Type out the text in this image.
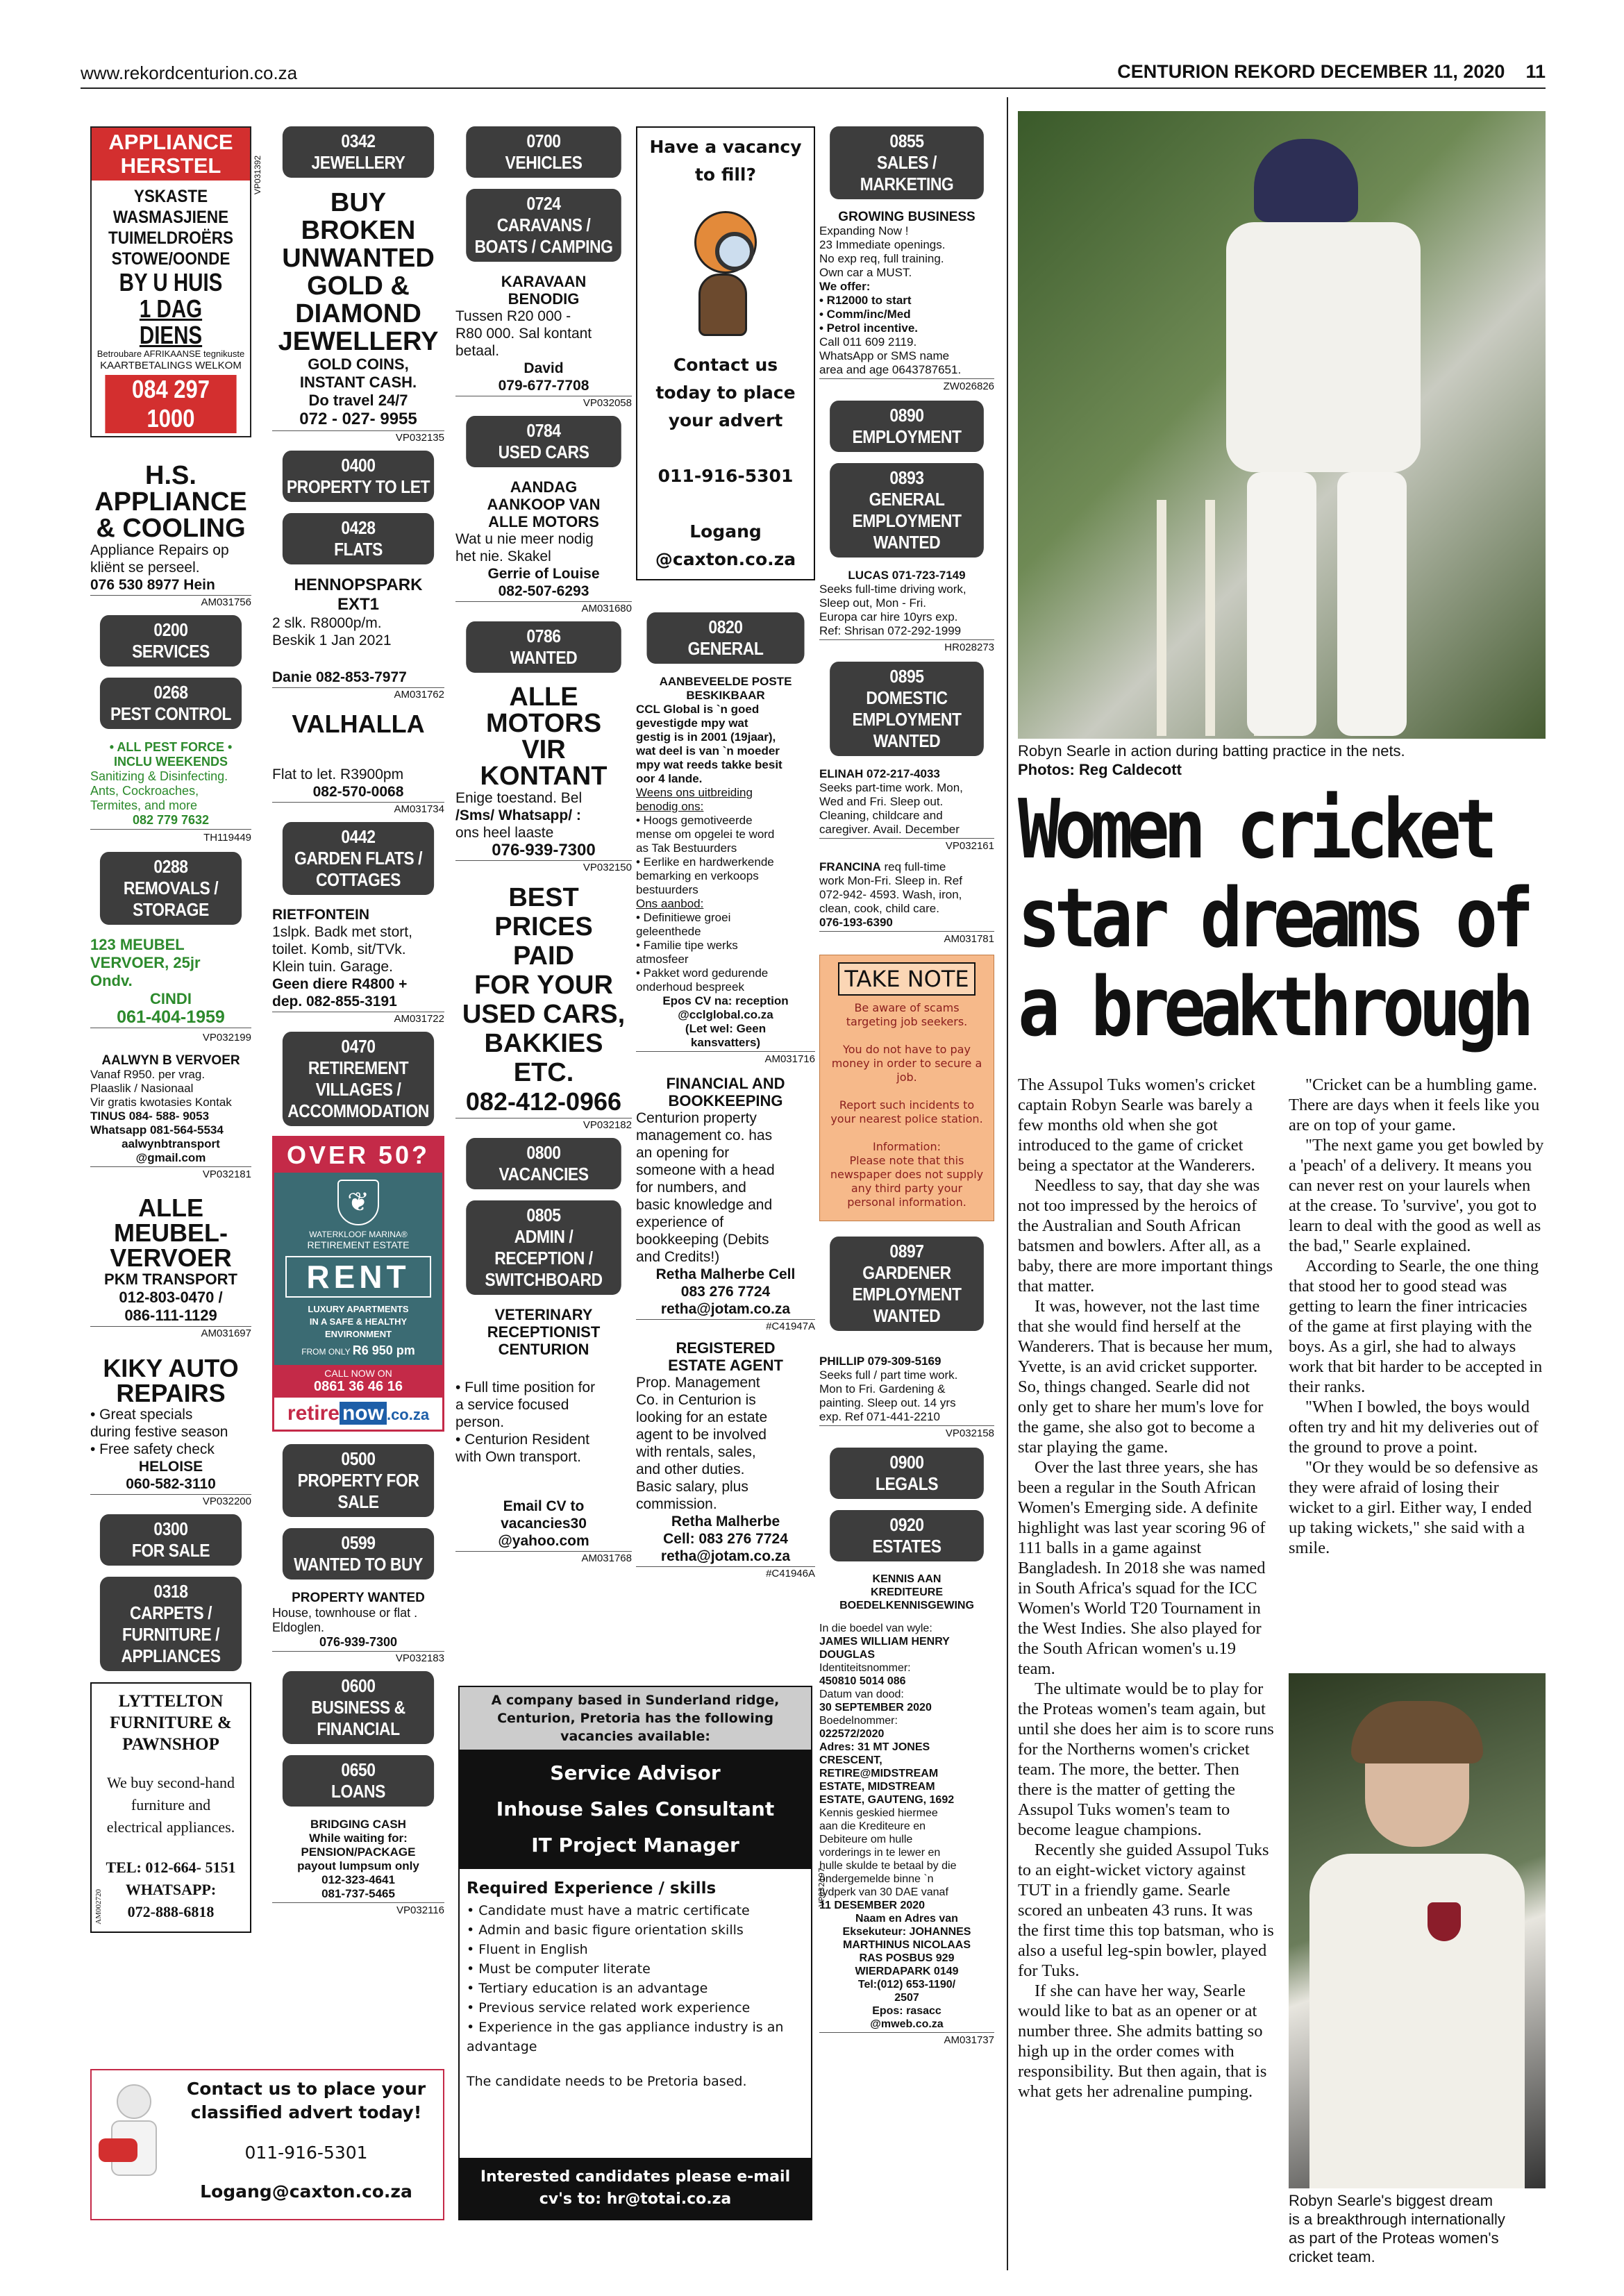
www.rekordcenturion.co.za	CENTURION REKORD DECEMBER 11, 2020 11
APPLIANCE
HERSTEL
YSKASTE
WASMASJIENE
TUIMELDROËRS
STOWE/OONDE
BY U HUIS
1 DAG DIENS
Betroubare AFRIKAANSE tegnikuste
KAARTBETALINGS WELKOM
084 297 1000
VP031392
H.S.
APPLIANCE
& COOLING
Appliance Repairs op kliënt se perseel.
076 530 8977 Hein
AM031756
0200
SERVICES
0268
PEST CONTROL
• ALL PEST FORCE •
INCLU WEEKENDS
Sanitizing & Disinfecting.
Ants, Cockroaches,
Termites, and more
082 779 7632
TH119449
0288
REMOVALS / STORAGE
123 MEUBEL
VERVOER, 25jr
Ondv.
CINDI
061-404-1959
VP032199
AALWYN B VERVOER
Vanaf R950. per vrag.
Plaaslik / Nasionaal
Vir gratis kwotasies Kontak
TINUS 084- 588- 9053
Whatsapp 081-564-5534
aalwynbtransport
@gmail.com
VP032181
ALLE
MEUBEL-
VERVOER
PKM TRANSPORT
012-803-0470 /
086-111-1129
AM031697
KIKY AUTO
REPAIRS
• Great specials
during festive season
• Free safety check
HELOISE
060-582-3110
VP032200
0300
FOR SALE
0318
CARPETS / FURNITURE / APPLIANCES
LYTTELTON
FURNITURE &
PAWNSHOP
We buy second-hand
furniture and
electrical appliances.
TEL: 012-664- 5151
WHATSAPP:
072-888-6818
AM002720
0342
JEWELLERY
BUY
BROKEN
UNWANTED
GOLD &
DIAMOND
JEWELLERY
GOLD COINS,
INSTANT CASH.
Do travel 24/7
072 - 027- 9955
VP032135
0400
PROPERTY TO LET
0428
FLATS
HENNOPSPARK
EXT1
2 slk. R8000p/m.
Beskik 1 Jan 2021
Danie 082-853-7977
AM031762
VALHALLA
Flat to let. R3900pm
082-570-0068
AM031734
0442
GARDEN FLATS / COTTAGES
RIETFONTEIN
1slpk. Badk met stort,
toilet. Komb, sit/TVk.
Klein tuin. Garage.
Geen diere R4800 +
dep. 082-855-3191
AM031722
0470
RETIREMENT VILLAGES / ACCOMMODATION
OVER 50?
❦
WATERKLOOF MARINA®
RETIREMENT ESTATE
RENT
LUXURY APARTMENTS
IN A SAFE & HEALTHY
ENVIRONMENT
FROM ONLY R6 950 pm
CALL NOW ON
0861 36 46 16
retire now .co.za
0500
PROPERTY FOR SALE
0599
WANTED TO BUY
PROPERTY WANTED
House, townhouse or flat .
Eldoglen.
076-939-7300
VP032183
0600
BUSINESS & FINANCIAL
0650
LOANS
BRIDGING CASH
While waiting for:
PENSION/PACKAGE
payout lumpsum only
012-323-4641
081-737-5465
VP032116
0700
VEHICLES
0724
CARAVANS / BOATS / CAMPING
KARAVAAN
BENODIG
Tussen R20 000 -
R80 000. Sal kontant
betaal.
David
079-677-7708
VP032058
0784
USED CARS
AANDAG
AANKOOP VAN
ALLE MOTORS
Wat u nie meer nodig
het nie. Skakel
Gerrie of Louise
082-507-6293
AM031680
0786
WANTED
ALLE
MOTORS
VIR
KONTANT
Enige toestand. Bel
/Sms/ Whatsapp/ :
ons heel laaste
076-939-7300
VP032150
BEST
PRICES
PAID
FOR YOUR
USED CARS,
BAKKIES
ETC.
082-412-0966
VP032182
0800
VACANCIES
0805
ADMIN / RECEPTION / SWITCHBOARD
VETERINARY
RECEPTIONIST
CENTURION
• Full time position for
a service focused
person.
• Centurion Resident
with Own transport.
Email CV to
vacancies30
@yahoo.com
AM031768
Have a vacancy
to fill?
Contact us
today to place
your advert
011-916-5301
Logang
@caxton.co.za
0820
GENERAL
AANBEVEELDE POSTE
BESKIKBAAR
CCL Global is `n goed
gevestigde mpy wat
gestig is in 2001 (19jaar),
wat deel is van `n moeder
mpy wat reeds takke besit
oor 4 lande.
Weens ons uitbreiding
benodig ons:
• Hoogs gemotiveerde
mense om opgelei te word
as Tak Bestuurders
• Eerlike en hardwerkende
bemarking en verkoops
bestuurders
Ons aanbod:
• Definitiewe groei
geleenthede
• Familie tipe werks
atmosfeer
• Pakket word gedurende
onderhoud bespreek
Epos CV na: reception
@cclglobal.co.za
(Let wel: Geen
kansvatters)
AM031716
FINANCIAL AND
BOOKKEEPING
Centurion property
management co. has
an opening for
someone with a head
for numbers, and
basic knowledge and
experience of
bookkeeping (Debits
and Credits!)
Retha Malherbe Cell
083 276 7724
retha@jotam.co.za
#C41947A
REGISTERED
ESTATE AGENT
Prop. Management
Co. in Centurion is
looking for an estate
agent to be involved
with rentals, sales,
and other duties.
Basic salary, plus
commission.
Retha Malherbe
Cell: 083 276 7724
retha@jotam.co.za
#C41946A
A company based in Sunderland ridge,
Centurion, Pretoria has the following
vacancies available:
Service Advisor
Inhouse Sales Consultant
IT Project Manager
Required Experience / skills
• Candidate must have a matric certificate
• Admin and basic figure orientation skills
• Fluent in English
• Must be computer literate
• Tertiary education is an advantage
• Previous service related work experience
• Experience in the gas appliance industry is an
advantage
The candidate needs to be Pretoria based.
Interested candidates please e-mail
cv's to: hr@totai.co.za
VP032197
Contact us to place your
classified advert today!
011-916-5301
Logang@caxton.co.za
0855
SALES / MARKETING
GROWING BUSINESS
Expanding Now !
23 Immediate openings.
No exp req, full training.
Own car a MUST.
We offer:
• R12000 to start
• Comm/inc/Med
• Petrol incentive.
Call 011 609 2119.
WhatsApp or SMS name
area and age 0643787651.
ZW026826
0890
EMPLOYMENT
0893
GENERAL EMPLOYMENT WANTED
LUCAS 071-723-7149
Seeks full-time driving work,
Sleep out, Mon - Fri.
Europa car hire 10yrs exp.
Ref: Shrisan 072-292-1999
HR028273
0895
DOMESTIC EMPLOYMENT WANTED
ELINAH 072-217-4033
Seeks part-time work. Mon,
Wed and Fri. Sleep out.
Cleaning, childcare and
caregiver. Avail. December
VP032161
FRANCINA req full-time
work Mon-Fri. Sleep in. Ref
072-942- 4593. Wash, iron,
clean, cook, child care.
076-193-6390
AM031781
TAKE NOTE
Be aware of scams
targeting job seekers.
You do not have to pay
money in order to secure a
job.
Report such incidents to
your nearest police station.
Information:
Please note that this
newspaper does not supply
any third party your
personal information.
0897
GARDENER EMPLOYMENT WANTED
PHILLIP 079-309-5169
Seeks full / part time work.
Mon to Fri. Gardening &
painting. Sleep out. 14 yrs
exp. Ref 071-441-2210
VP032158
0900
LEGALS
0920
ESTATES
KENNIS AAN
KREDITEURE
BOEDELKENNISGEWING
In die boedel van wyle:
JAMES WILLIAM HENRY
DOUGLAS
Identiteitsnommer:
450810 5014 086
Datum van dood:
30 SEPTEMBER 2020
Boedelnommer:
022572/2020
Adres: 31 MT JONES
CRESCENT,
RETIRE@MIDSTREAM
ESTATE, MIDSTREAM
ESTATE, GAUTENG, 1692
Kennis geskied hiermee
aan die Krediteure en
Debiteure om hulle
vorderings in te lewer en
hulle skulde te betaal by die
ondergemelde binne `n
tydperk van 30 DAE vanaf
11 DESEMBER 2020
Naam en Adres van
Eksekuteur: JOHANNES
MARTHINUS NICOLAAS
RAS POSBUS 929
WIERDAPARK 0149
Tel:(012) 653-1190/
2507
Epos: rasacc
@mweb.co.za
AM031737
Robyn Searle in action during batting practice in the nets.
Photos: Reg Caldecott
Women cricket
star dreams of
a breakthrough

The Assupol Tuks women's cricket captain Robyn Searle was barely a few months old when she got introduced to the game of cricket being a spectator at the Wanderers.

Needless to say, that day she was not too impressed by the heroics of the Australian and South African batsmen and bowlers. After all, as a baby, there are more important things that matter.

It was, however, not the last time that she would find herself at the Wanderers. That is because her mum, Yvette, is an avid cricket supporter. So, things changed. Searle did not only get to share her mum's love for the game, she also got to become a star playing the game.

Over the last three years, she has been a regular in the South African Women's Emerging side. A definite highlight was last year scoring 96 of 111 balls in a game against Bangladesh. In 2018 she was named in South Africa's squad for the ICC Women's World T20 Tournament in the West Indies. She also played for the South African women's u.19 team.

The ultimate would be to play for the Proteas women's team again, but until she does her aim is to score runs for the Northerns women's cricket team. The more, the better. Then there is the matter of getting the Assupol Tuks women's team to become league champions.

Recently she guided Assupol Tuks to an eight-wicket victory against TUT in a friendly game. Searle scored an unbeaten 43 runs. It was the first time this top batsman, who is also a useful leg-spin bowler, played for Tuks.

If she can have her way, Searle would like to bat as an opener or at number three. She admits batting so high up in the order comes with responsibility. But then again, that is what gets her adrenaline pumping.

"Cricket can be a humbling game. There are days when it feels like you are on top of your game.

"The next game you get bowled by a 'peach' of a delivery. It means you can never rest on your laurels when at the crease. To 'survive', you got to learn to deal with the good as well as the bad," Searle explained.

According to Searle, the one thing that stood her to good stead was getting to learn the finer intricacies of the game at first playing with the boys. As a girl, she had to always work that bit harder to be accepted in their ranks.

"When I bowled, the boys would often try and hit my deliveries out of the ground to prove a point.

"Or they would be so defensive as they were afraid of losing their wicket to a girl. Either way, I ended up taking wickets," she said with a smile.

Robyn Searle's biggest dream
is a breakthrough internationally
as part of the Proteas women's
cricket team.
